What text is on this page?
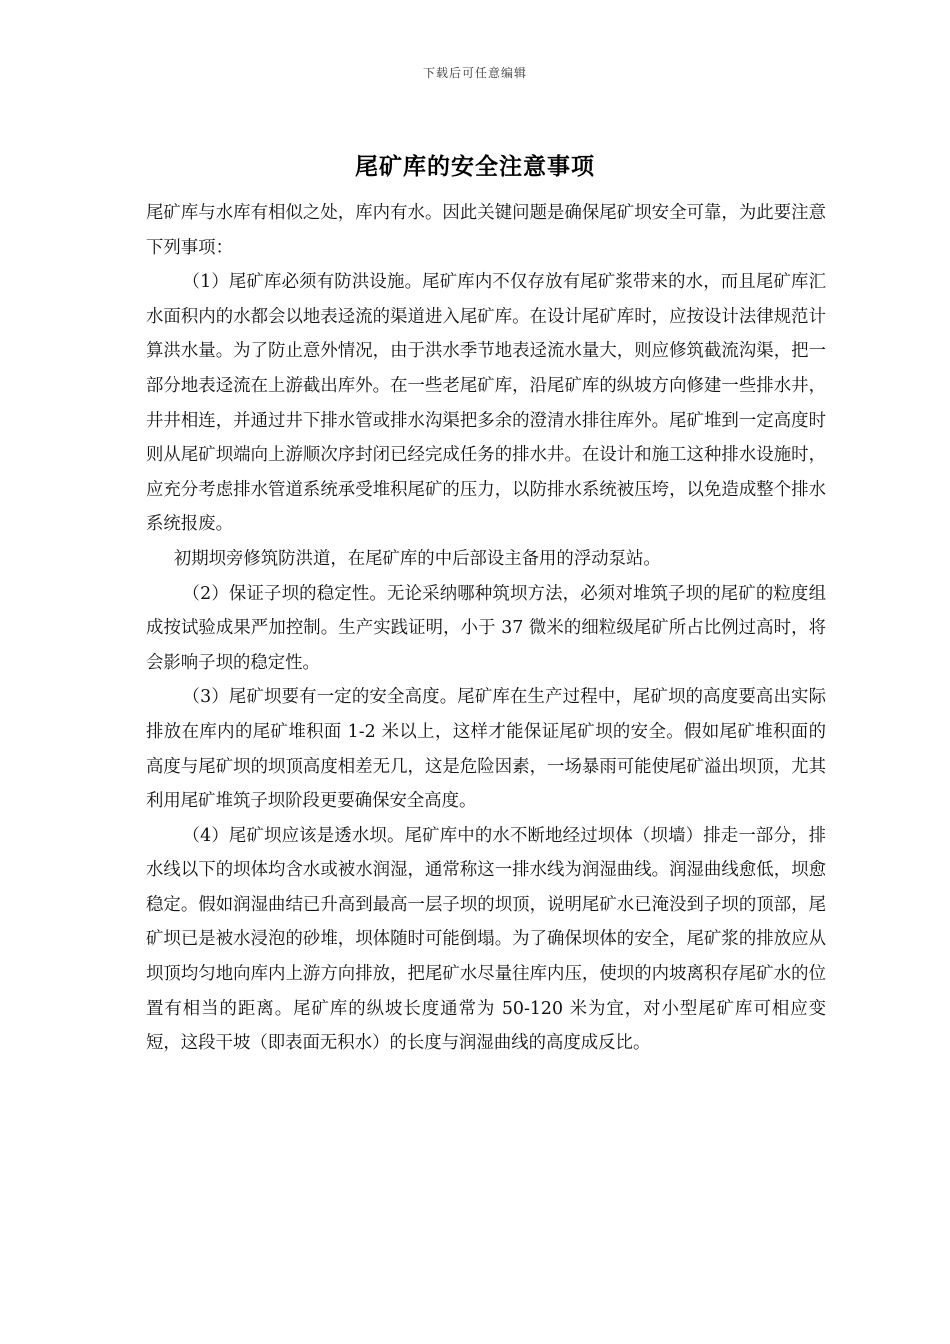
下载后可任意编辑
尾矿库的安全注意事项

尾矿库与水库有相似之处，库内有水。因此关键问题是确保尾矿坝安全可靠，为此要注意下列事项：

（1）尾矿库必须有防洪设施。尾矿库内不仅存放有尾矿浆带来的水，而且尾矿库汇水面积内的水都会以地表迳流的渠道进入尾矿库。在设计尾矿库时，应按设计法律规范计算洪水量。为了防止意外情况，由于洪水季节地表迳流水量大，则应修筑截流沟渠，把一部分地表迳流在上游截出库外。在一些老尾矿库，沿尾矿库的纵坡方向修建一些排水井，井井相连，并通过井下排水管或排水沟渠把多余的澄清水排往库外。尾矿堆到一定高度时则从尾矿坝端向上游顺次序封闭已经完成任务的排水井。在设计和施工这种排水设施时，应充分考虑排水管道系统承受堆积尾矿的压力，以防排水系统被压垮，以免造成整个排水系统报废。

初期坝旁修筑防洪道，在尾矿库的中后部设主备用的浮动泵站。

（2）保证子坝的稳定性。无论采纳哪种筑坝方法，必须对堆筑子坝的尾矿的粒度组成按试验成果严加控制。生产实践证明，小于 37 微米的细粒级尾矿所占比例过高时，将会影响子坝的稳定性。

（3）尾矿坝要有一定的安全高度。尾矿库在生产过程中，尾矿坝的高度要高出实际排放在库内的尾矿堆积面 1-2 米以上，这样才能保证尾矿坝的安全。假如尾矿堆积面的高度与尾矿坝的坝顶高度相差无几，这是危险因素，一场暴雨可能使尾矿溢出坝顶，尤其利用尾矿堆筑子坝阶段更要确保安全高度。

（4）尾矿坝应该是透水坝。尾矿库中的水不断地经过坝体（坝墙）排走一部分，排水线以下的坝体均含水或被水润湿，通常称这一排水线为润湿曲线。润湿曲线愈低，坝愈稳定。假如润湿曲结已升高到最高一层子坝的坝顶，说明尾矿水已淹没到子坝的顶部，尾矿坝已是被水浸泡的砂堆，坝体随时可能倒塌。为了确保坝体的安全，尾矿浆的排放应从坝顶均匀地向库内上游方向排放，把尾矿水尽量往库内压，使坝的内坡离积存尾矿水的位置有相当的距离。尾矿库的纵坡长度通常为 50-120 米为宜，对小型尾矿库可相应变短，这段干坡（即表面无积水）的长度与润湿曲线的高度成反比。
